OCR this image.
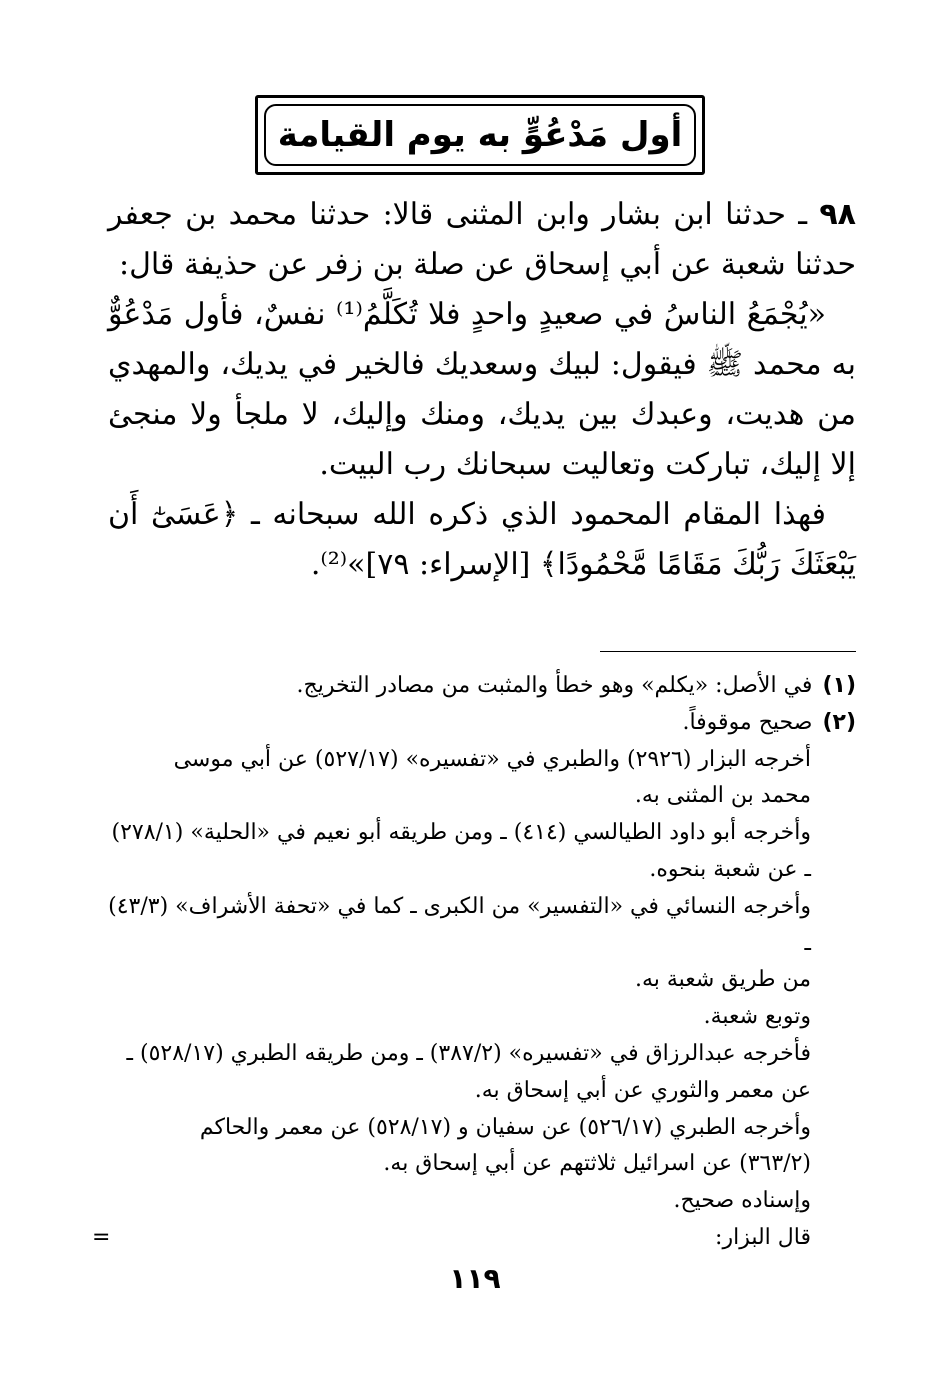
أول مَدْعُوٍّ به يوم القيامة

٩٨ ـ حدثنا ابن بشار وابن المثنى قالا: حدثنا محمد بن جعفر حدثنا شعبة عن أبي إسحاق عن صلة بن زفر عن حذيفة قال:

«يُجْمَعُ الناسُ في صعيدٍ واحدٍ فلا تُكَلَّمُ⁽¹⁾ نفسٌ، فأول مَدْعُوٌّ به محمد ﷺ فيقول: لبيك وسعديك فالخير في يديك، والمهدي من هديت، وعبدك بين يديك، ومنك وإليك، لا ملجأ ولا منجئ إلا إليك، تباركت وتعاليت سبحانك رب البيت.

فهذا المقام المحمود الذي ذكره الله سبحانه ـ ﴿عَسَىٰٓ أَن يَبْعَثَكَ رَبُّكَ مَقَامًا مَّحْمُودًا﴾ [الإسراء: ٧٩]»⁽²⁾.

(١)في الأصل: «يكلم» وهو خطأ والمثبت من مصادر التخريج.

(٢)صحيح موقوفاً.

أخرجه البزار (٢٩٢٦) والطبري في «تفسيره» (٥٢٧/١٧) عن أبي موسى

محمد بن المثنى به.

وأخرجه أبو داود الطيالسي (٤١٤) ـ ومن طريقه أبو نعيم في «الحلية» (٢٧٨/١)

ـ عن شعبة بنحوه.

وأخرجه النسائي في «التفسير» من الكبرى ـ كما في «تحفة الأشراف» (٤٣/٣) ـ

من طريق شعبة به.

وتوبع شعبة.

فأخرجه عبدالرزاق في «تفسيره» (٣٨٧/٢) ـ ومن طريقه الطبري (٥٢٨/١٧) ـ

عن معمر والثوري عن أبي إسحاق به.

وأخرجه الطبري (٥٢٦/١٧) عن سفيان و (٥٢٨/١٧) عن معمر والحاكم

(٣٦٣/٢) عن اسرائيل ثلاثتهم عن أبي إسحاق به.

وإسناده صحيح.

قال البزار:

=
١١٩
